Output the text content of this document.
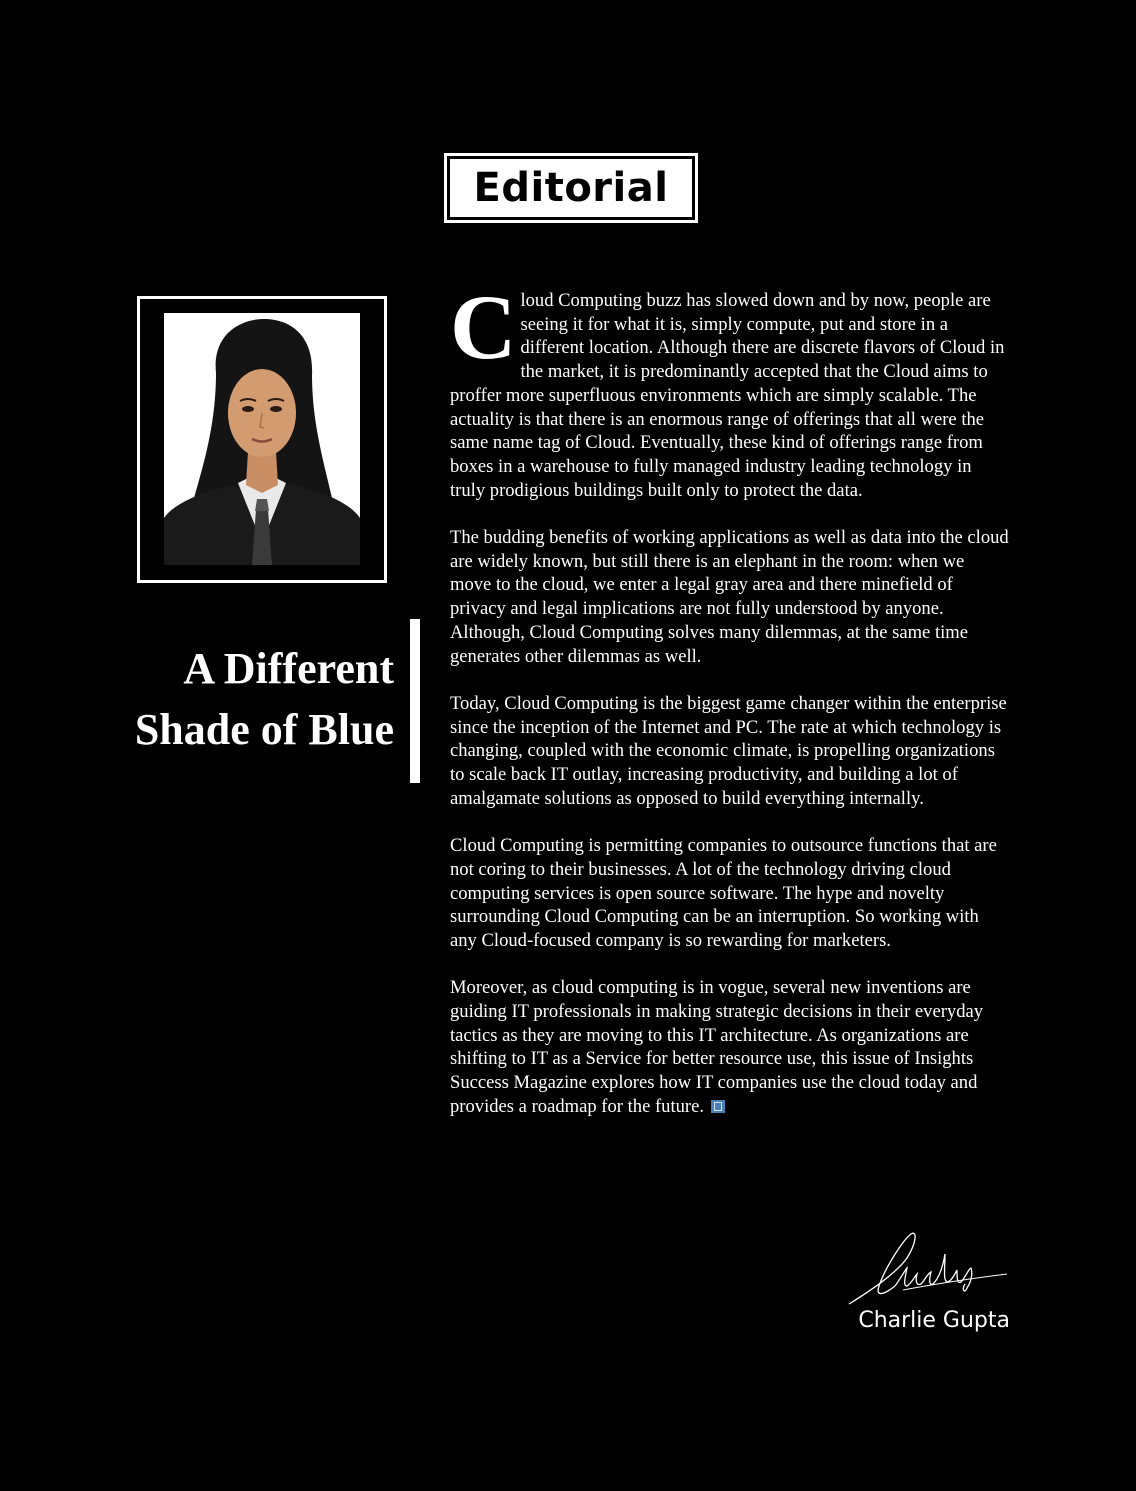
Editorial
A Different
Shade of Blue

Cloud Computing buzz has slowed down and by now, people are seeing it for what it is, simply compute, put and store in a different location. Although there are discrete flavors of Cloud in the market, it is predominantly accepted that the Cloud aims to proffer more superfluous environments which are simply scalable. The actuality is that there is an enormous range of offerings that all were the same name tag of Cloud. Eventually, these kind of offerings range from boxes in a warehouse to fully managed industry leading technology in truly prodigious buildings built only to protect the data.

The budding benefits of working applications as well as data into the cloud are widely known, but still there is an elephant in the room: when we move to the cloud, we enter a legal gray area and there minefield of privacy and legal implications are not fully understood by anyone. Although, Cloud Computing solves many dilemmas, at the same time generates other dilemmas as well.

Today, Cloud Computing is the biggest game changer within the enterprise since the inception of the Internet and PC. The rate at which technology is changing, coupled with the economic climate, is propelling organizations to scale back IT outlay, increasing productivity, and building a lot of amalgamate solutions as opposed to build everything internally.

Cloud Computing is permitting companies to outsource functions that are not coring to their businesses. A lot of the technology driving cloud computing services is open source software. The hype and novelty surrounding Cloud Computing can be an interruption. So working with any Cloud-focused company is so rewarding for marketers.

Moreover, as cloud computing is in vogue, several new inventions are guiding IT professionals in making strategic decisions in their everyday tactics as they are moving to this IT architecture. As organizations are shifting to IT as a Service for better resource use, this issue of Insights Success Magazine explores how IT companies use the cloud today and provides a roadmap for the future.

Charlie Gupta
